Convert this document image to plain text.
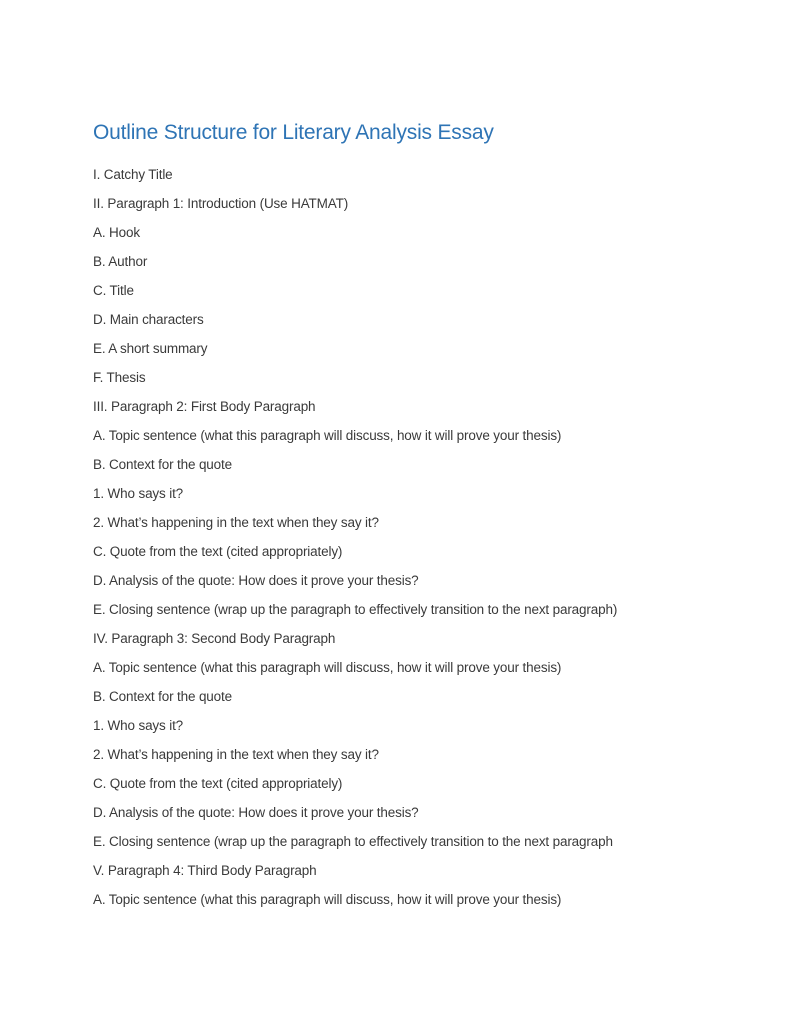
Outline Structure for Literary Analysis Essay
I. Catchy Title
II. Paragraph 1: Introduction (Use HATMAT)
A. Hook
B. Author
C. Title
D. Main characters
E. A short summary
F. Thesis
III. Paragraph 2: First Body Paragraph
A. Topic sentence (what this paragraph will discuss, how it will prove your thesis)
B. Context for the quote
1. Who says it?
2. What’s happening in the text when they say it?
C. Quote from the text (cited appropriately)
D. Analysis of the quote: How does it prove your thesis?
E. Closing sentence (wrap up the paragraph to effectively transition to the next paragraph)
IV. Paragraph 3: Second Body Paragraph
A. Topic sentence (what this paragraph will discuss, how it will prove your thesis)
B. Context for the quote
1. Who says it?
2. What’s happening in the text when they say it?
C. Quote from the text (cited appropriately)
D. Analysis of the quote: How does it prove your thesis?
E. Closing sentence (wrap up the paragraph to effectively transition to the next paragraph
V. Paragraph 4: Third Body Paragraph
A. Topic sentence (what this paragraph will discuss, how it will prove your thesis)
